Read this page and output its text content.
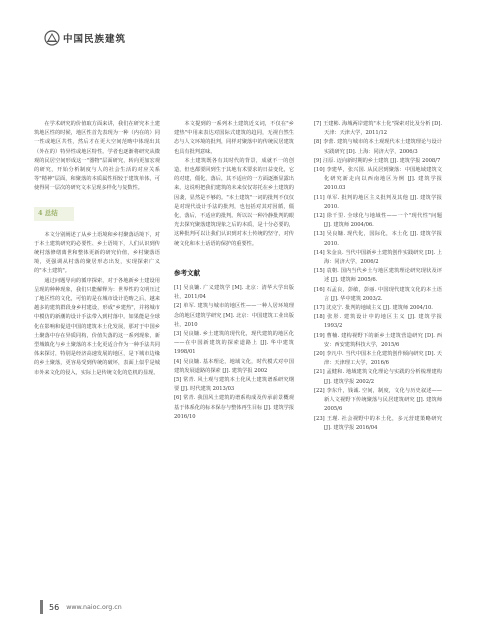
中国民族建筑

在学术研究的价值取方面来讲，我们在研究本土建筑地区性的时候，地区性首先表现为一种（内在的）同一性或地区共性，然后才在更大空间范畴中体现出其（外在的）特异性或地区特性。学者也逐渐将研究从微观的民居空间形成这一"器物"层面研究，转向更加宏观的研究，开始分析制度与人的社会生活的对应关系等"精神"层面，和聚落的本质属性相较于建筑单体，可使得同一层次的研究文本呈现多样化与复数性。

4 总结

本文分别阐述了从乡土语境和乡村聚落话境下，对于本土建筑研究的必要性、乡土语境下，人们认识到传统村落修缮离世和整体更新的研究价值，乡村聚落语境，更强调从村落的聚居形态出发，实现探索广义的"本土建筑"。

通过问题导向的循序探索，对于各地新乡土建设用呈现的种种现象，我们只能解释为：世界性的文明压过了地区性的文化，可怕的是在城市设计范畴之后，越来越多的建筑群段身乡村建设，形成"乡建热"，并将城市中模仿的新潮的设计手法带入到村落中。如果能是全球化在影响和促进中国的建筑本土化发展，那对于中国乡土聚落中存在异质同构，价值失落的这一系列现象，新型城镇化与乡土聚落的本土化更适合作为一种手法共同体来探讨，特别是经济高速发展的地区，是下城市边缘的乡土聚落，更容易受到传统的破坏，表面上似乎是城市外来文化的侵入，实际上是传统文化的危机的显现。

本文提到的一系列本土建筑近义词，不仅在"乡建热"中用来表达对国际式建筑的趋同，无视自然生态与人文环境的批判，同样对聚落中的传统民居建筑也具有批判意味。

本土建筑既各有其时代的背景，成就不一的创造，但也都要回到生于其地有术要求的日益变化，它的对建，僵化，落后，其不适应的一方面逐渐显露出来，这说明把我们建筑的未来仅仅寄托在乡土建筑的因袭，显然是不够的。"本土建筑"一词的批判不仅仅是对现代设计手法的批判，也包括对其对因循，僵化，落后，不适应的批判。所以以一种冷静批判的眼光去探究聚落建筑现象之后的本质，是十分必要的，这种批判可以让我们认识到对本土传统的坚守，对传统文化和本土话语的保护的重要性。

参考文献

[1] 吴良镛. 广义建筑学 [M]. 北京：清华大学出版社，2011/04

[2] 单军. 建筑与城市的地区性——一种人居环境理念的地区建筑学研究 [M]. 北京：中国建筑工业出版社，2010

[3] 吴良镛. 乡土建筑的现代化，现代建筑的地区化——在中国新建筑的探索道路上 [J]. 华中建筑 1998/01

[4] 吴良镛. 基本理论，地域文化，时代模式对中国建筑发展道路的探索 [J]. 建筑学报 2002

[5] 常青. 风土观与建筑本土化风土建筑谱系研究纲要 [J]. 时代建筑 2013/03

[6] 常青. 我国风土建筑的谱系构成及传承前景概观基于体系化的标本保存与整体再生目标 [J]. 建筑学报 2016/10

[7] 王建彬. 海城两岸建筑"本土化"探索对比及分析 [D]. 天津：天津大学，2011/12

[8] 李蕾. 建筑与城市的本土观现代本土建筑理论与设计实践研究 [D]. 上海：同济大学，2006/3

[9] 汪原. 迈向新时期的乡土建筑 [J]. 建筑学报 2008/7

[10] 李建华，张兴国. 从民居到聚落：中国地域建筑文化研究新走向以西南地区为例 [J]. 建筑学报 2010.03

[11] 单军. 批判的地区主义批判及其他 [J]. 建筑学报 2010.

[12] 徐千里. 全球化与地域性——一个"现代性"问题 [J]. 建筑师 2004/06.

[13] 吴良镛. 现代化，国际化，本土化 [J]. 建筑学报 2010.

[14] 朱金良. 当代中国新乡土建筑创作实践研究 [D]. 上海：同济大学，2006/2

[15] 袁朝. 国内当代乡土与地区建筑理论研究现状及评述 [J]. 建筑师 2005/6.

[16] 石孟良，彭敏，彭丽. 中国现代建筑文化的本土语言 [J]. 华中建筑 2003/2.

[17] 沈克宁. 批判的地域主义 [J]. 建筑师 2004/10.

[18] 张彤. 建筑设计中的地区主义 [J]. 建筑学报 1993/2

[19] 曹楠. 建构视野下的新乡土建筑营造研究 [D]. 西安：西安建筑科技大学，2015/6

[20] 李凡中. 当代中国本土化建筑创作倾向研究 [D]. 天津：天津理工大学，2016/6

[21] 孟健和. 地域建筑文化理论与实践的分析梳理建构 [J]. 建筑学报 2002/2

[22] 李东升，钱诚. 空间，制度，文化与历史叙述——新人文视野下传统聚落与民居建筑研究 [J]. 建筑师 2005/6

[23] 王瑾. 社会视野中的本土化，多元营建策略研究 [J]. 建筑学报 2016/04

56 www.naioc.org.cn
